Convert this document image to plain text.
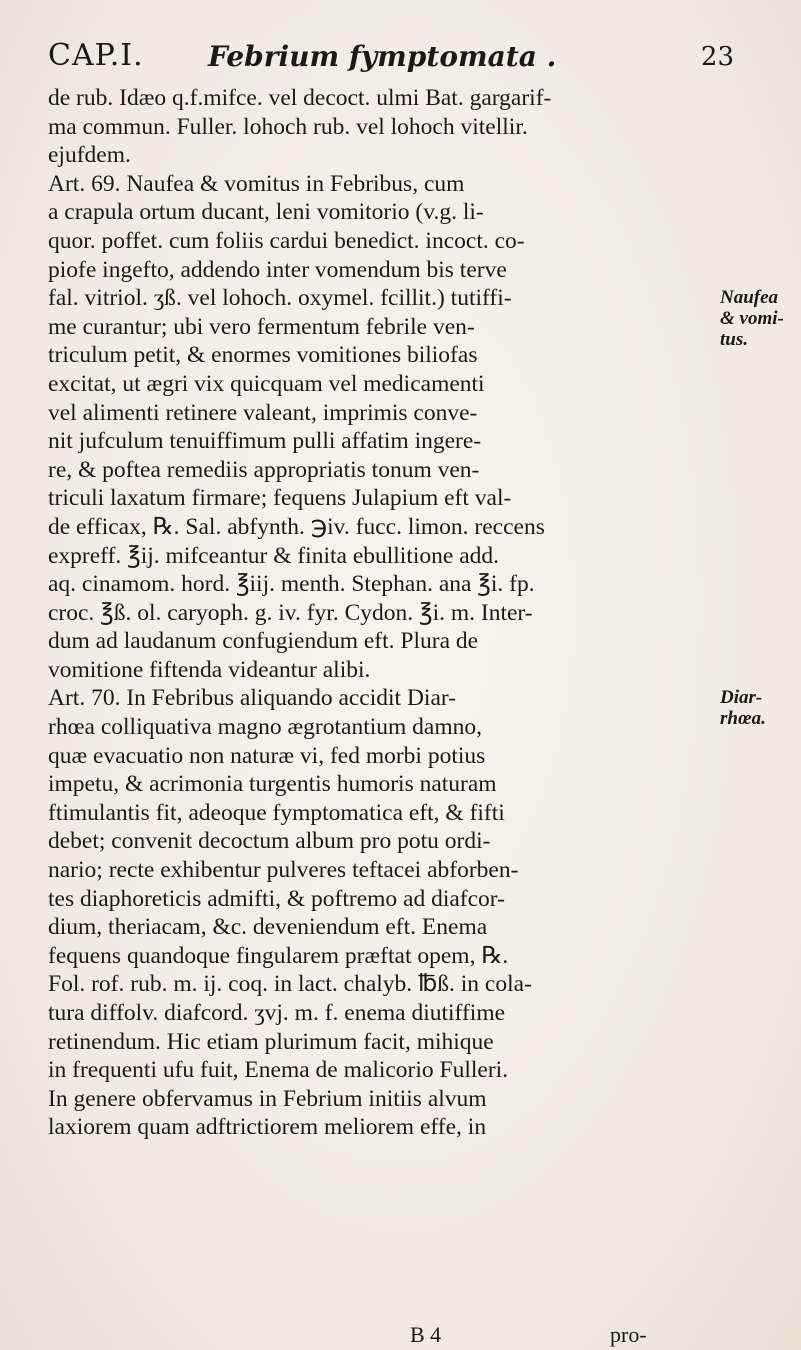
CAP.I. Febrium fymptomata .	23
de rub. Idæo q.f.mifce. vel decoct. ulmi Bat. gargarif-
ma commun. Fuller. lohoch rub. vel lohoch vitellir.
ejufdem.
Art. 69. Naufea & vomitus in Febribus, cum
a crapula ortum ducant, leni vomitorio (v.g. li-
quor. poffet. cum foliis cardui benedict. incoct. co-
piofe ingefto, addendo inter vomendum bis terve
fal. vitriol. ʒß. vel lohoch. oxymel. fcillit.) tutiffi-
me curantur; ubi vero fermentum febrile ven-
triculum petit, & enormes vomitiones biliofas
excitat, ut ægri vix quicquam vel medicamenti
vel alimenti retinere valeant, imprimis conve-
nit jufculum tenuiffimum pulli affatim ingere-
re, & poftea remediis appropriatis tonum ven-
triculi laxatum firmare; fequens Julapium eft val-
de efficax, ℞. Sal. abfynth. ℈iv. fucc. limon. reccens
expreff. ℥ij. mifceantur & finita ebullitione add.
aq. cinamom. hord. ℥iij. menth. Stephan. ana ℥i. fp.
croc. ℥ß. ol. caryoph. g. iv. fyr. Cydon. ℥i. m. Inter-
dum ad laudanum confugiendum eft. Plura de
vomitione fiftenda videantur alibi.
Art. 70. In Febribus aliquando accidit Diar-
rhœa colliquativa magno ægrotantium damno,
quæ evacuatio non naturæ vi, fed morbi potius
impetu, & acrimonia turgentis humoris naturam
ftimulantis fit, adeoque fymptomatica eft, & fifti
debet; convenit decoctum album pro potu ordi-
nario; recte exhibentur pulveres teftacei abforben-
tes diaphoreticis admifti, & poftremo ad diafcor-
dium, theriacam, &c. deveniendum eft. Enema
fequens quandoque fingularem præftat opem, ℞.
Fol. rof. rub. m. ij. coq. in lact. chalyb. ℔ß. in cola-
tura diffolv. diafcord. ʒvj. m. f. enema diutiffime
retinendum. Hic etiam plurimum facit, mihique
in frequenti ufu fuit, Enema de malicorio Fulleri.
In genere obfervamus in Febrium initiis alvum
laxiorem quam adftrictiorem meliorem effe, in
Naufea
& vomi-
tus.
Diar-
rhœa.
B 4	pro-
